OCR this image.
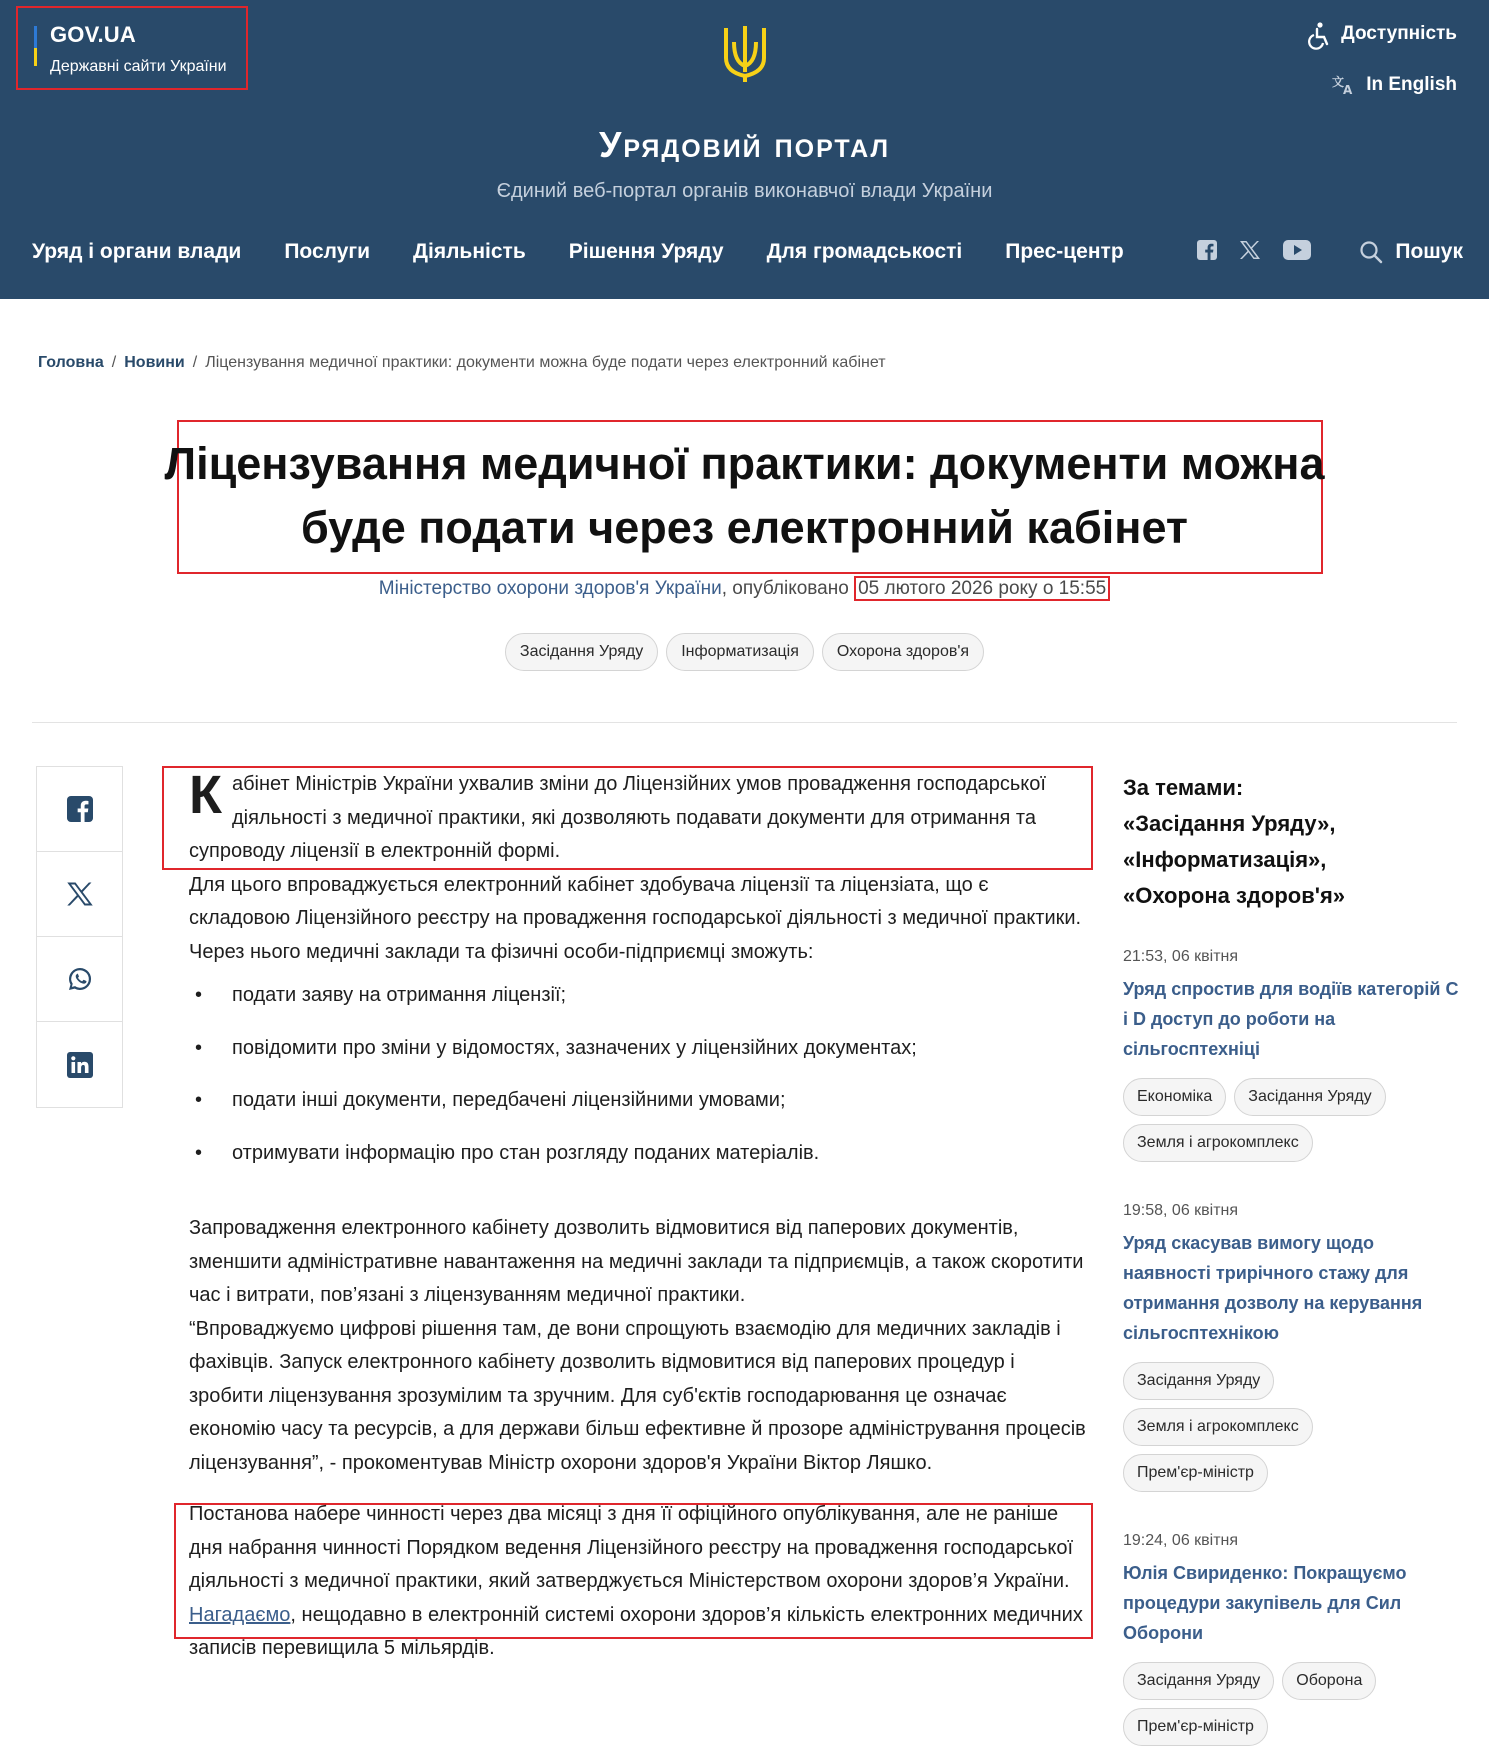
GOV.UA
Державні сайти України
Доступність
文
A In English
Урядовий портал
Єдиний веб-портал органів виконавчої влади України
Уряд і органи влади Послуги Діяльність Рішення Уряду Для громадськості Прес-центр	Пошук
Головна / Новини / Ліцензування медичної практики: документи можна буде подати через електронний кабінет
Ліцензування медичної практики: документи можна
буде подати через електронний кабінет
Міністерство охорони здоров'я України, опубліковано 05 лютого 2026 року о 15:55
Засідання Уряду	Інформатизація	Охорона здоров'я

Кабінет Міністрів України ухвалив зміни до Ліцензійних умов провадження господарської діяльності з медичної практики, які дозволяють подавати документи для отримання та супроводу ліцензії в електронній формі.

Для цього впроваджується електронний кабінет здобувача ліцензії та ліцензіата, що є складовою Ліцензійного реєстру на провадження господарської діяльності з медичної практики. Через нього медичні заклади та фізичні особи-підприємці зможуть:

• подати заяву на отримання ліцензії;
• повідомити про зміни у відомостях, зазначених у ліцензійних документах;
• подати інші документи, передбачені ліцензійними умовами;
• отримувати інформацію про стан розгляду поданих матеріалів.

Запровадження електронного кабінету дозволить відмовитися від паперових документів, зменшити адміністративне навантаження на медичні заклади та підприємців, а також скоротити час і витрати, пов’язані з ліцензуванням медичної практики.

“Впроваджуємо цифрові рішення там, де вони спрощують взаємодію для медичних закладів і фахівців. Запуск електронного кабінету дозволить відмовитися від паперових процедур і зробити ліцензування зрозумілим та зручним. Для суб'єктів господарювання це означає економію часу та ресурсів, а для держави більш ефективне й прозоре адміністрування процесів ліцензування”, - прокоментував Міністр охорони здоров'я України Віктор Ляшко.

Постанова набере чинності через два місяці з дня її офіційного опублікування, але не раніше дня набрання чинності Порядком ведення Ліцензійного реєстру на провадження господарської діяльності з медичної практики, який затверджується Міністерством охорони здоров’я України.

Нагадаємо, нещодавно в електронній системі охорони здоров’я кількість електронних медичних записів перевищила 5 мільярдів.

За темами:
«Засідання Уряду»,
«Інформатизація»,
«Охорона здоров'я»
21:53, 06 квітня
Уряд спростив для водіїв категорій С і D доступ до роботи на сільгосптехніці
Економіка	Засідання Уряду
Земля і агрокомплекс
19:58, 06 квітня
Уряд скасував вимогу щодо наявності трирічного стажу для отримання дозволу на керування сільгосптехнікою
Засідання Уряду
Земля і агрокомплекс
Прем'єр-міністр
19:24, 06 квітня
Юлія Свириденко: Покращуємо процедури закупівель для Сил Оборони
Засідання Уряду	Оборона
Прем'єр-міністр
